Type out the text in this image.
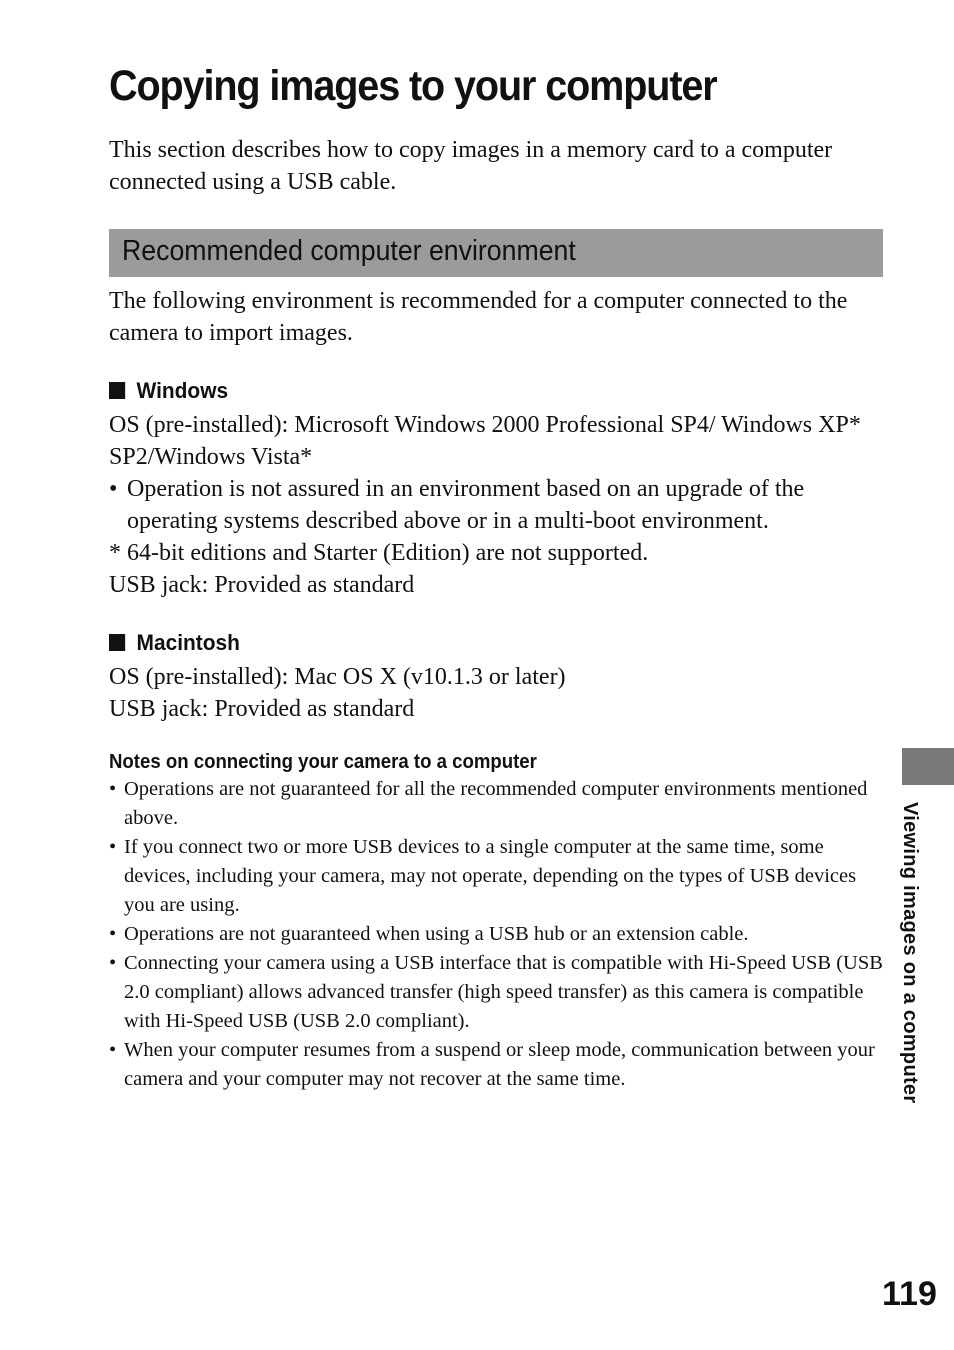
Copying images to your computer

This section describes how to copy images in a memory card to a computer connected using a USB cable.

Recommended computer environment

The following environment is recommended for a computer connected to the camera to import images.

Windows

OS (pre-installed): Microsoft Windows 2000 Professional SP4/ Windows XP* SP2/Windows Vista*

• Operation is not assured in an environment based on an upgrade of the operating systems described above or in a multi-boot environment.

* 64-bit editions and Starter (Edition) are not supported.

USB jack: Provided as standard

Macintosh

OS (pre-installed): Mac OS X (v10.1.3 or later)

USB jack: Provided as standard

Notes on connecting your camera to a computer
• Operations are not guaranteed for all the recommended computer environments mentioned above.
• If you connect two or more USB devices to a single computer at the same time, some devices, including your camera, may not operate, depending on the types of USB devices you are using.
• Operations are not guaranteed when using a USB hub or an extension cable.
• Connecting your camera using a USB interface that is compatible with Hi-Speed USB (USB 2.0 compliant) allows advanced transfer (high speed transfer) as this camera is compatible with Hi-Speed USB (USB 2.0 compliant).
• When your computer resumes from a suspend or sleep mode, communication between your camera and your computer may not recover at the same time.	Viewing images on a computer
119
